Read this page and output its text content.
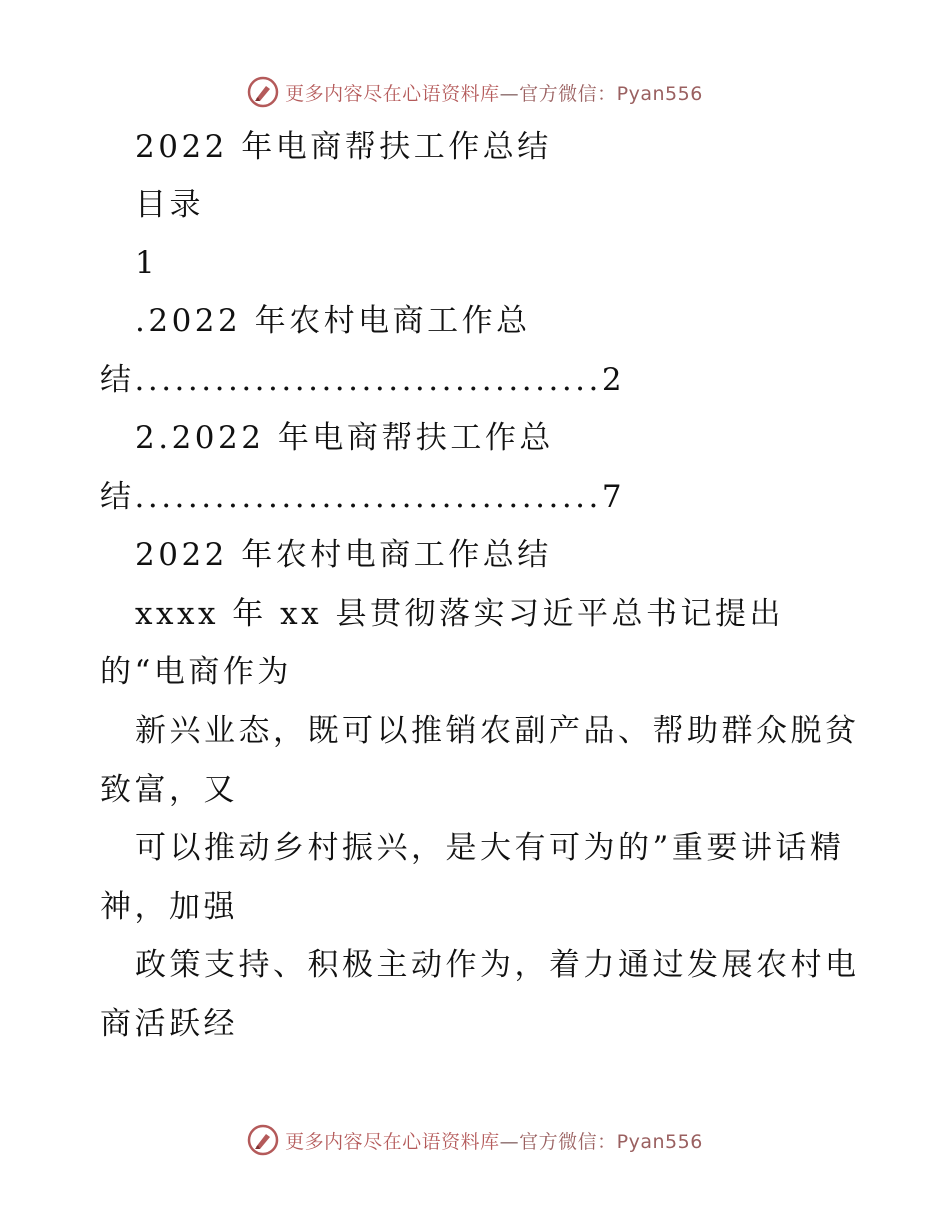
更多内容尽在心语资料库—官方微信：Pyan556
2022 年电商帮扶工作总结
目录
1
.2022 年农村电商工作总
结...................................2
2.2022 年电商帮扶工作总
结...................................7
2022 年农村电商工作总结
xxxx 年 xx 县贯彻落实习近平总书记提出
的“电商作为
新兴业态，既可以推销农副产品、帮助群众脱贫
致富，又
可以推动乡村振兴，是大有可为的”重要讲话精
神，加强
政策支持、积极主动作为，着力通过发展农村电
商活跃经
更多内容尽在心语资料库—官方微信：Pyan556
